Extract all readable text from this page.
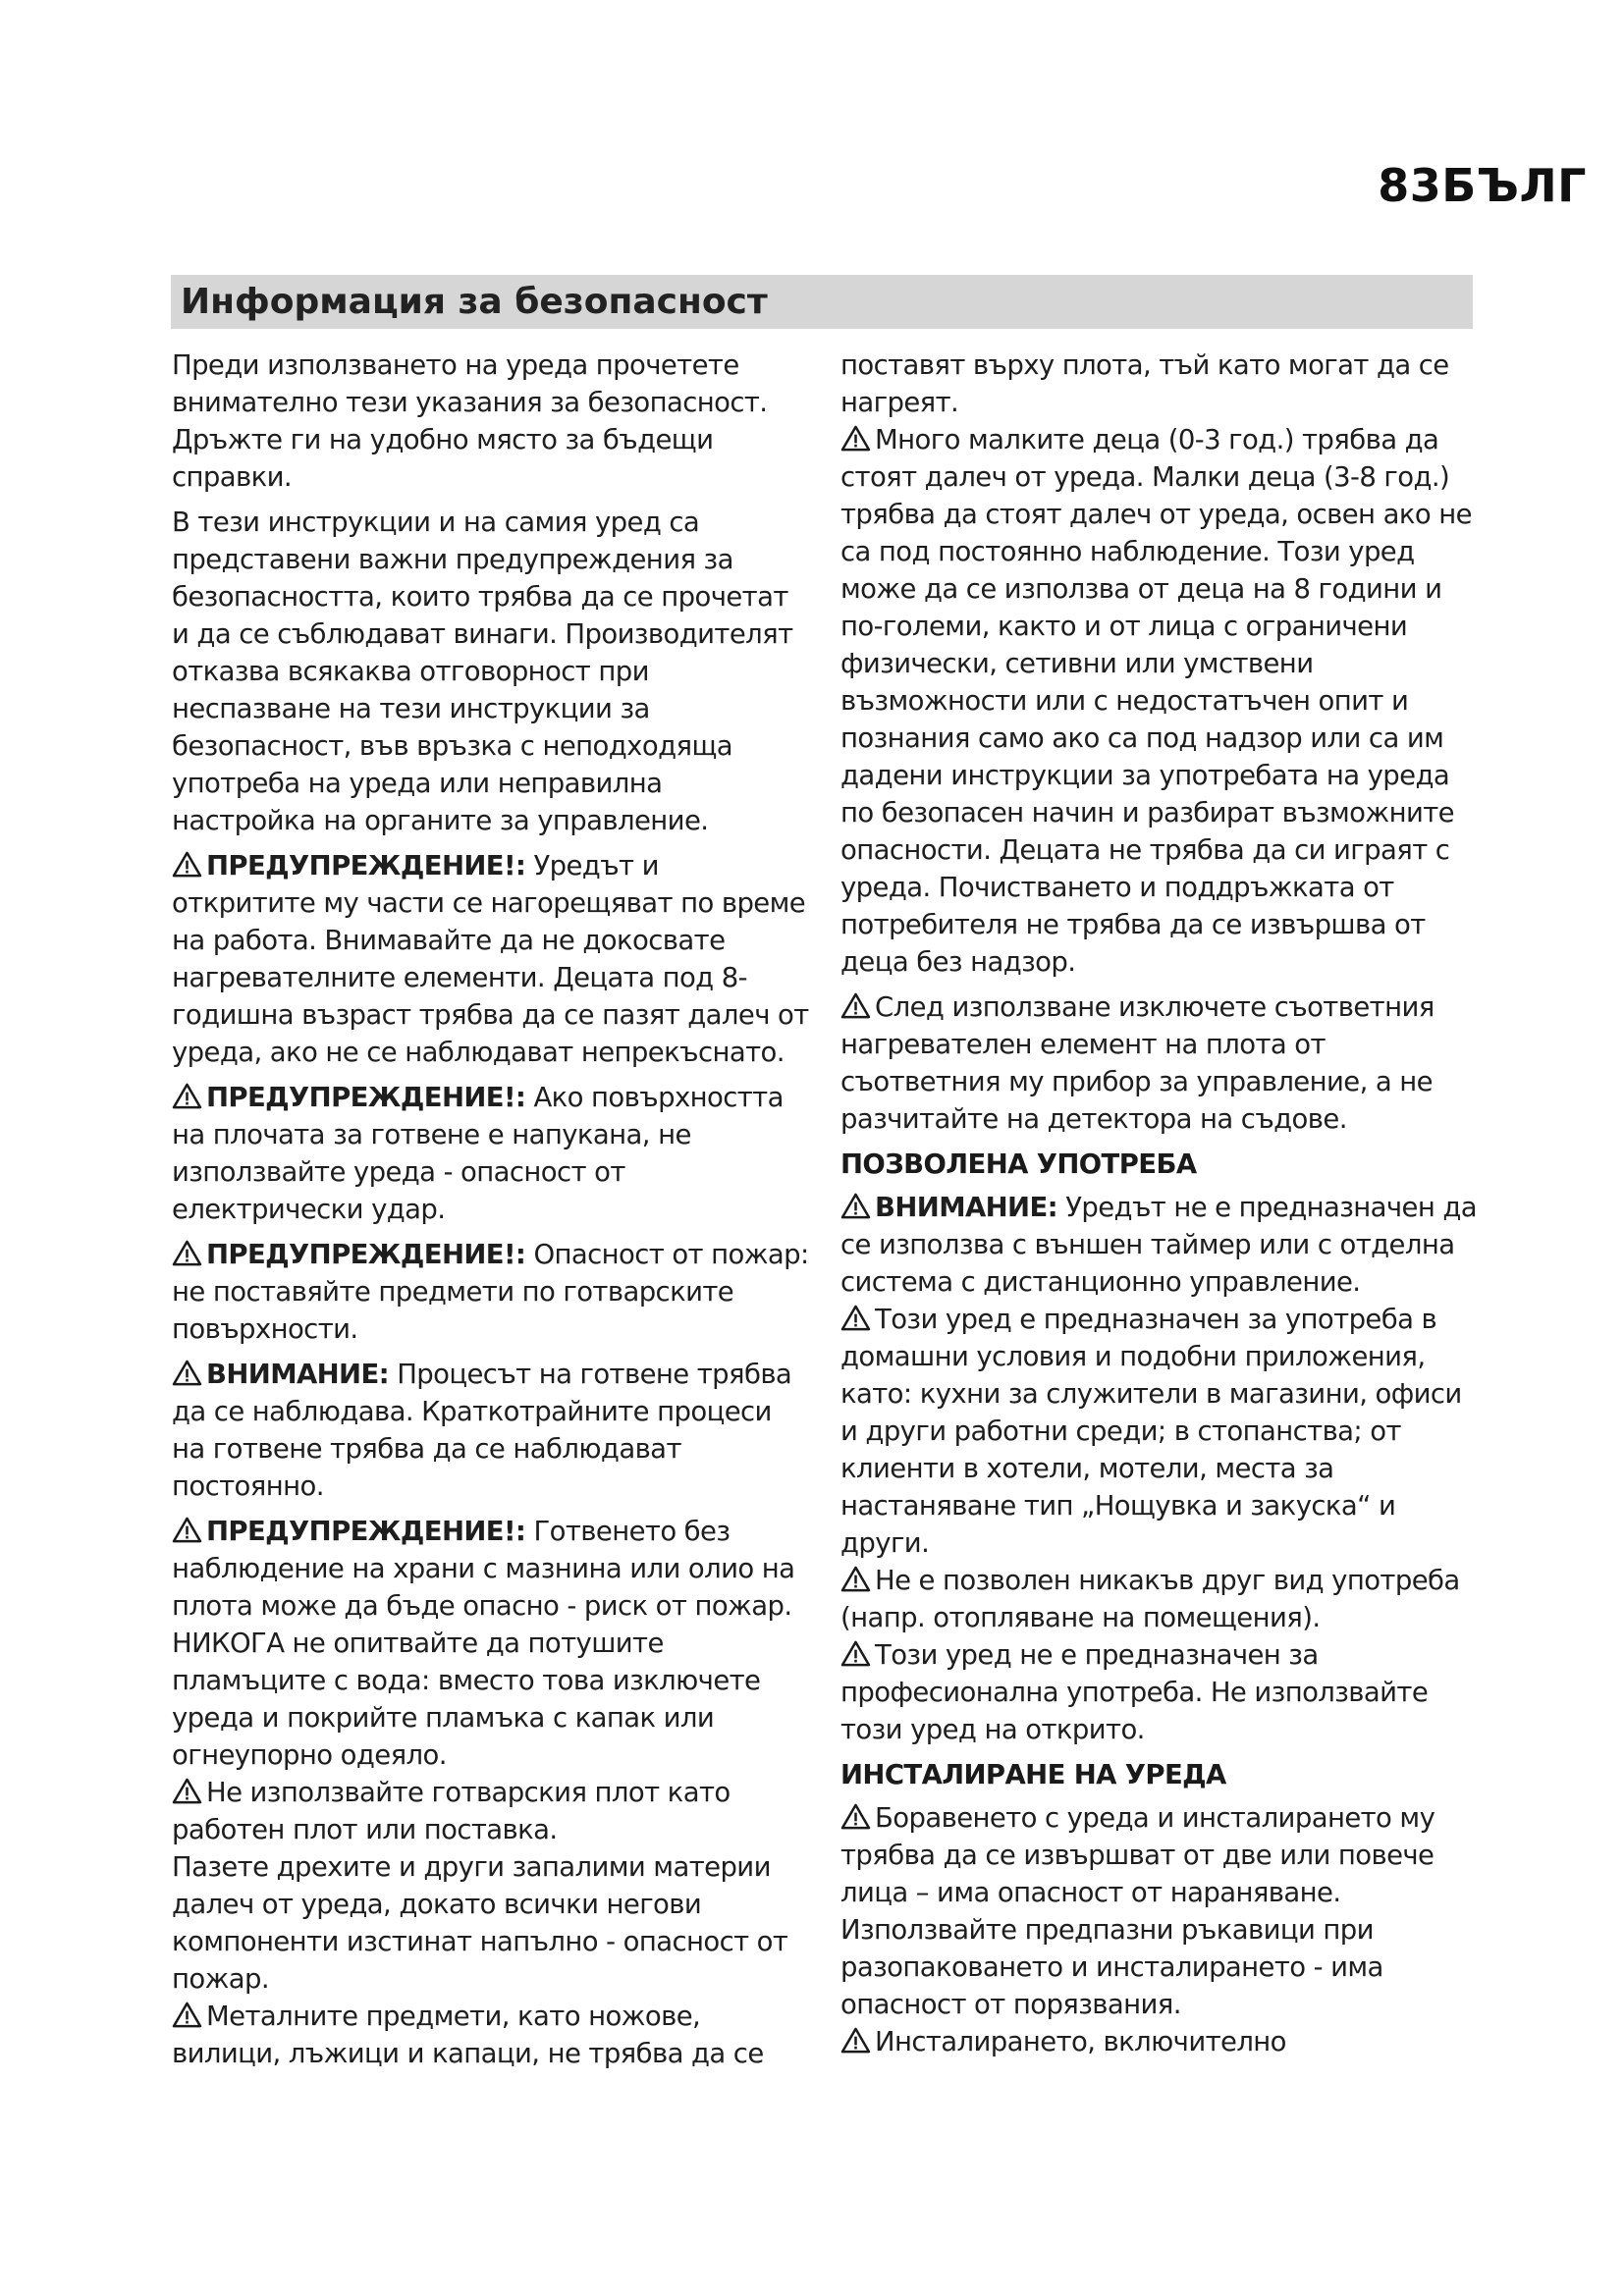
83БЪЛГ
Информация за безопасност

Преди използването на уреда прочетете внимателно тези указания за безопасност. Дръжте ги на удобно място за бъдещи справки.

В тези инструкции и на самия уред са представени важни предупреждения за безопасността, които трябва да се прочетат и да се съблюдават винаги. Производителят отказва всякаква отговорност при неспазване на тези инструкции за безопасност, във връзка с неподходяща употреба на уреда или неправилна настройка на органите за управление.

ПРЕДУПРЕЖДЕНИЕ!: Уредът и откритите му части се нагорещяват по време на работа. Внимавайте да не докосвате нагревателните елементи. Децата под 8-годишна възраст трябва да се пазят далеч от уреда, ако не се наблюдават непрекъснато.

ПРЕДУПРЕЖДЕНИЕ!: Ако повърхността на плочата за готвене е напукана, не използвайте уреда - опасност от електрически удар.

ПРЕДУПРЕЖДЕНИЕ!: Опасност от пожар: не поставяйте предмети по готварските повърхности.

ВНИМАНИЕ: Процесът на готвене трябва да се наблюдава. Краткотрайните процеси на готвене трябва да се наблюдават постоянно.

ПРЕДУПРЕЖДЕНИЕ!: Готвенето без наблюдение на храни с мазнина или олио на плота може да бъде опасно - риск от пожар. НИКОГА не опитвайте да потушите пламъците с вода: вместо това изключете уреда и покрийте пламъка с капак или огнеупорно одеяло.

Не използвайте готварския плот като работен плот или поставка.

Пазете дрехите и други запалими материи далеч от уреда, докато всички негови компоненти изстинат напълно - опасност от пожар.

Металните предмети, като ножове, вилици, лъжици и капаци, не трябва да се

поставят върху плота, тъй като могат да се нагреят.

Много малките деца (0-3 год.) трябва да стоят далеч от уреда. Малки деца (3-8 год.) трябва да стоят далеч от уреда, освен ако не са под постоянно наблюдение. Този уред може да се използва от деца на 8 години и по-големи, както и от лица с ограничени физически, сетивни или умствени възможности или с недостатъчен опит и познания само ако са под надзор или са им дадени инструкции за употребата на уреда по безопасен начин и разбират възможните опасности. Децата не трябва да си играят с уреда. Почистването и поддръжката от потребителя не трябва да се извършва от деца без надзор.

След използване изключете съответния нагревателен елемент на плота от съответния му прибор за управление, а не разчитайте на детектора на съдове.

ПОЗВОЛЕНА УПОТРЕБА

ВНИМАНИЕ: Уредът не е предназначен да се използва с външен таймер или с отделна система с дистанционно управление.

Този уред е предназначен за употреба в домашни условия и подобни приложения, като: кухни за служители в магазини, офиси и други работни среди; в стопанства; от клиенти в хотели, мотели, места за настаняване тип „Нощувка и закуска“ и други.

Не е позволен никакъв друг вид употреба (напр. отопляване на помещения).

Този уред не е предназначен за професионална употреба. Не използвайте този уред на открито.

ИНСТАЛИРАНЕ НА УРЕДА

Боравенето с уреда и инсталирането му трябва да се извършват от две или повече лица – има опасност от нараняване. Използвайте предпазни ръкавици при разопаковането и инсталирането - има опасност от порязвания.

Инсталирането, включително
